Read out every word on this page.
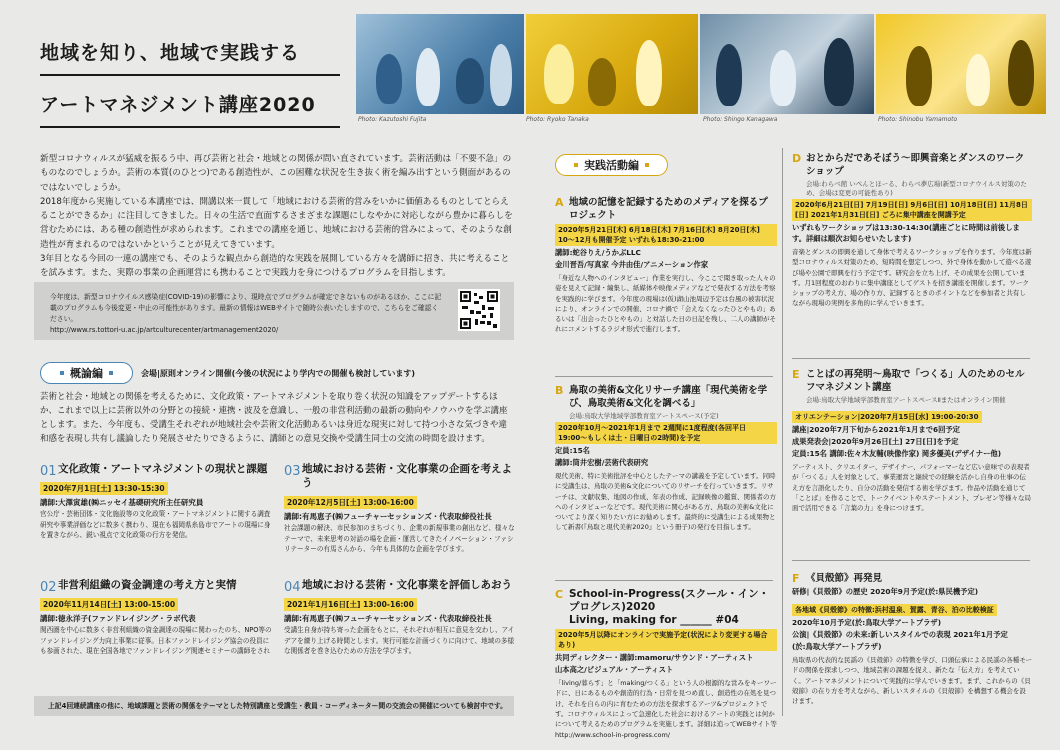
地域を知り、地域で実践する
アートマネジメント講座2020
Photo: Kazutoshi Fujita	Photo: Ryoko Tanaka	Photo: Shingo Kanagawa	Photo: Shinobu Yamamoto

新型コロナウィルスが猛威を振るう中、再び芸術と社会・地域との関係が問い直されています。芸術活動は「不要不急」のものなのでしょうか。芸術の本質(のひとつ)である創造性が、この困難な状況を生き抜く術を編み出すという側面があるのではないでしょうか。

2018年度から実施している本講座では、開講以来一貫して「地域における芸術的営みをいかに価値あるものとしてとらえることができるか」に注目してきました。日々の生活で直面するさまざまな課題にしなやかに対応しながら豊かに暮らしを営むためには、ある種の創造性が求められます。これまでの講座を通じ、地域における芸術的営みによって、そのような創造性が育まれるのではないかということが見えてきています。

3年目となる今回の一連の講座でも、そのような観点から創造的な実践を展開している方々を講師に招き、共に考えることを試みます。また、実際の事業の企画運営にも携わることで実践力を身につけるプログラムを目指します。

今年度は、新型コロナウイルス感染症(COVID-19)の影響により、現時点でプログラムが確定できないものがあるほか、ここに記載のプログラムも今後変更・中止の可能性があります。最新の情報はWEBサイトで随時公表いたしますので、こちらをご確認ください。
http://www.rs.tottori-u.ac.jp/artculturecenter/artmanagement2020/
概論編	会場|原則オンライン開催(今後の状況により学内での開催も検討しています)
芸術と社会・地域との関係を考えるために、文化政策・アートマネジメントを取り巻く状況の知識をアップデートするほか、これまで以上に芸術以外の分野との接続・連携・波及を意識し、一般の非営利活動の最新の動向やノウハウを学ぶ講座とします。また、今年度も、受講生それぞれが地域社会や芸術文化活動あるいは身近な現実に対して持つ小さな気づきや違和感を表現し共有し議論したり発展させたりできるように、講師との意見交換や受講生同士の交流の時間を設けます。
01 文化政策・アートマネジメントの現状と課題
2020年7月1日[土] 13:30-15:30
講師:大澤寅雄(㈱ニッセイ基礎研究所主任研究員
官公庁・芸術団体・文化施設等の文化政策・アートマネジメントに関する調査研究や事業評価などに数多く携わり、現在も福岡県糸島市でアートの現場に身を置きながら、鋭い視点で文化政策の行方を発信。
03 地域における芸術・文化事業の企画を考えよう
2020年12月5日[土] 13:00-16:00
講師:有馬恵子(㈱フューチャーセッションズ・代表取締役社長
社会課題の解決、市民参加のまちづくり、企業の新規事業の創出など、様々なテーマで、未来思考の対話の場を企画・運営してきたイノベーション・ファシリテーターの有馬さんから、今年も具体的な企画を学びます。
02 非営利組織の資金調達の考え方と実情
2020年11月14日[土] 13:00-15:00
講師:徳永洋子(ファンドレイジング・ラボ代表
関西圏を中心に数多く非営利組織の資金調達の現場に関わったのち、NPO等のファンドレイジング力向上事業に従事。日本ファンドレイジング協会の役員にも参画された、現在全国各地でファンドレイジング関連セミナーの講師をされ
04 地域における芸術・文化事業を評価しあおう
2021年1月16日[土] 13:00-16:00
講師:有馬恵子(㈱フューチャーセッションズ・代表取締役社長
受講生自身が持ち寄った企画をもとに、それぞれが相互に意見を交わし、アイデアを練り上げる時間とします。実行可能な計画づくりに向けて、地域の多様な関係者を巻き込むための方法を学びます。
上記4回連続講座の他に、地域課題と芸術の関係をテーマとした特別講座と受講生・教員・コーディネーター間の交流会の開催についても検討中です。
実践活動編
A 地域の記憶を記録するためのメディアを探るプロジェクト
2020年5月21日[木] 6月18日[木] 7月16日[木] 8月20日[木] 10〜12月も開催予定 いずれも18:30-21:00
講師:蛇谷りえ/うかぶLLC
金川晋吾/写真家 今井由佳/アニメーション作家
「身近な人物へのインタビュー」作業を実行し、今ここで聞き取った人々の姿を見えて記録・編集し、紙媒体や映像メディアなどで発表する方法を考察を実践的に学びます。今年度の現場は(仮)湖山池周辺予定は台風の被害状況により、オンラインでの開催、コロナ禍で「会えなくなったひとやもの」あるいは「出会ったひとやもの」と対話した日の日記を残し、二人の講師がそれにコメントするラジオ形式で進行します。
B 鳥取の美術&文化リサーチ講座「現代美術を学び、鳥取美術&文化を調べる」
会場:鳥取大学地域学部教育室アートスペース(予定)
2020年10月〜2021年1月まで 2週間に1度程度(各回平日19:00〜もしくは土・日曜日の2時間)を予定
定員:15名
講師:筒井宏樹/芸術代表研究
現代美術、特に美術批評を中心としたテーマの講義を予定しています。同時に受講生は、鳥取の美術&文化についてのリサーチを行っていきます。リサーチは、文献収集、地図の作成、年表の作成、記録映像の鑑賞、関係者の方へのインタビューなどです。現代美術に関心がある方、鳥取の美術&文化についてより深く知りたい方にお勧めします。最終的に受講生による成果物として新書(『鳥取と現代美術2020』という冊子)の発行を目指します。
C School-in-Progress(スクール・イン・プログレス)2020
Living, making for ______ #04
2020年5月以降にオンラインで実施予定(状況により変更する場合あり)
共同ディレクター・講師:mamoru/サウンド・アーティスト
山本高之/ビジュアル・アーティスト
「living/暮らす」と「making/つくる」という人の根源的な営みをキーワードに、日にあるものや創造的行為・日常を見つめ直し、創造性の在処を見つけ、それを自らの内に育むための方法を探求するアーツ&プロジェクトです。コロナウィルスによって急速化した社会におけるアートの実践とは何かについて考えるためのプログラムを実施します。詳細は追ってWEBサイト等
http://www.school-in-progress.com/
D おとからだであそぼう〜即興音楽とダンスのワークショップ
会場:わらべ館 いぺんとほーる、わらべ夢広場(新型コロナウイルス対策のため、会場は変更の可能性あり)
2020年6月21日[日] 7月19日[日] 9月6日[日] 10月18日[日] 11月8日[日] 2021年1月31日[日] ごろに集中講座を開講予定
いずれもワークショップは13:30-14:30(講座ごとに時間は前後します。詳細は順次お知らせいたします)
音楽とダンスの即興を通して身体で考えるワークショップを作ります。今年度は新型コロナウィルス対策のため、短時間を想定しつつ、外で身体を動かして遊べる遊び場や公園で即興を行う予定です。研究会を立ち上げ、その成果を公開しています。月1回程度のおわりに集中講座としてゲストを招き講座を開催します。ワークショップの考え方、場の作り方、記録するときのポイントなどを参加者と共有しながら現場の実例を多角的に学んでいきます。
E ことばの再発明〜鳥取で「つくる」人のためのセルフマネジメント講座
会場:鳥取大学地域学部教育室アートスペースⅡまたはオンライン開催
オリエンテーション|2020年7月15日[水] 19:00-20:30
講座|2020年7月下旬から2021年1月まで6回予定
成果発表会|2020年9月26日[土] 27日[日]を予定
定員:15名 講師:佐々木友輔(映像作家) 岡多優美(デザイナー他)
アーティスト、クリエイター、デザイナー、パフォーマーなど広い意味での表現者が「つくる」人を対象として、事業運営と継続での経験を活かし自身の仕事の伝え方を言語化したり、自分の活動を発信する術を学びます。作品や活動を通じて「ことば」を作ることで、トークイベントやステートメント、プレゼン等様々な局面で活用できる「言葉の力」を身につけます。
F 《貝殻節》再発見
研修|《貝殻節》の歴史 2020年9月予定(於:県民機予定)
各地域《貝殻節》の特徴:浜村温泉、賀露、青谷、泊の比較検証
2020年10月予定(於:鳥取大学アートプラザ)
公演|《貝殻節》の未来:新しいスタイルでの表現 2021年1月予定
(於:鳥取大学アートプラザ)
鳥取県の代表的な民謡の《貝殻節》の特徴を学び、口頭伝承による民謡の各種モードの関係を探求しつつ、地域芸術の課題を捉え、新たな「伝え方」を考えていく。アートマネジメントについて実践的に学んでいきます。まず、これからの《貝殻節》の在り方を考えながら、新しいスタイルの《貝殻節》を構想する機会を設けます。
